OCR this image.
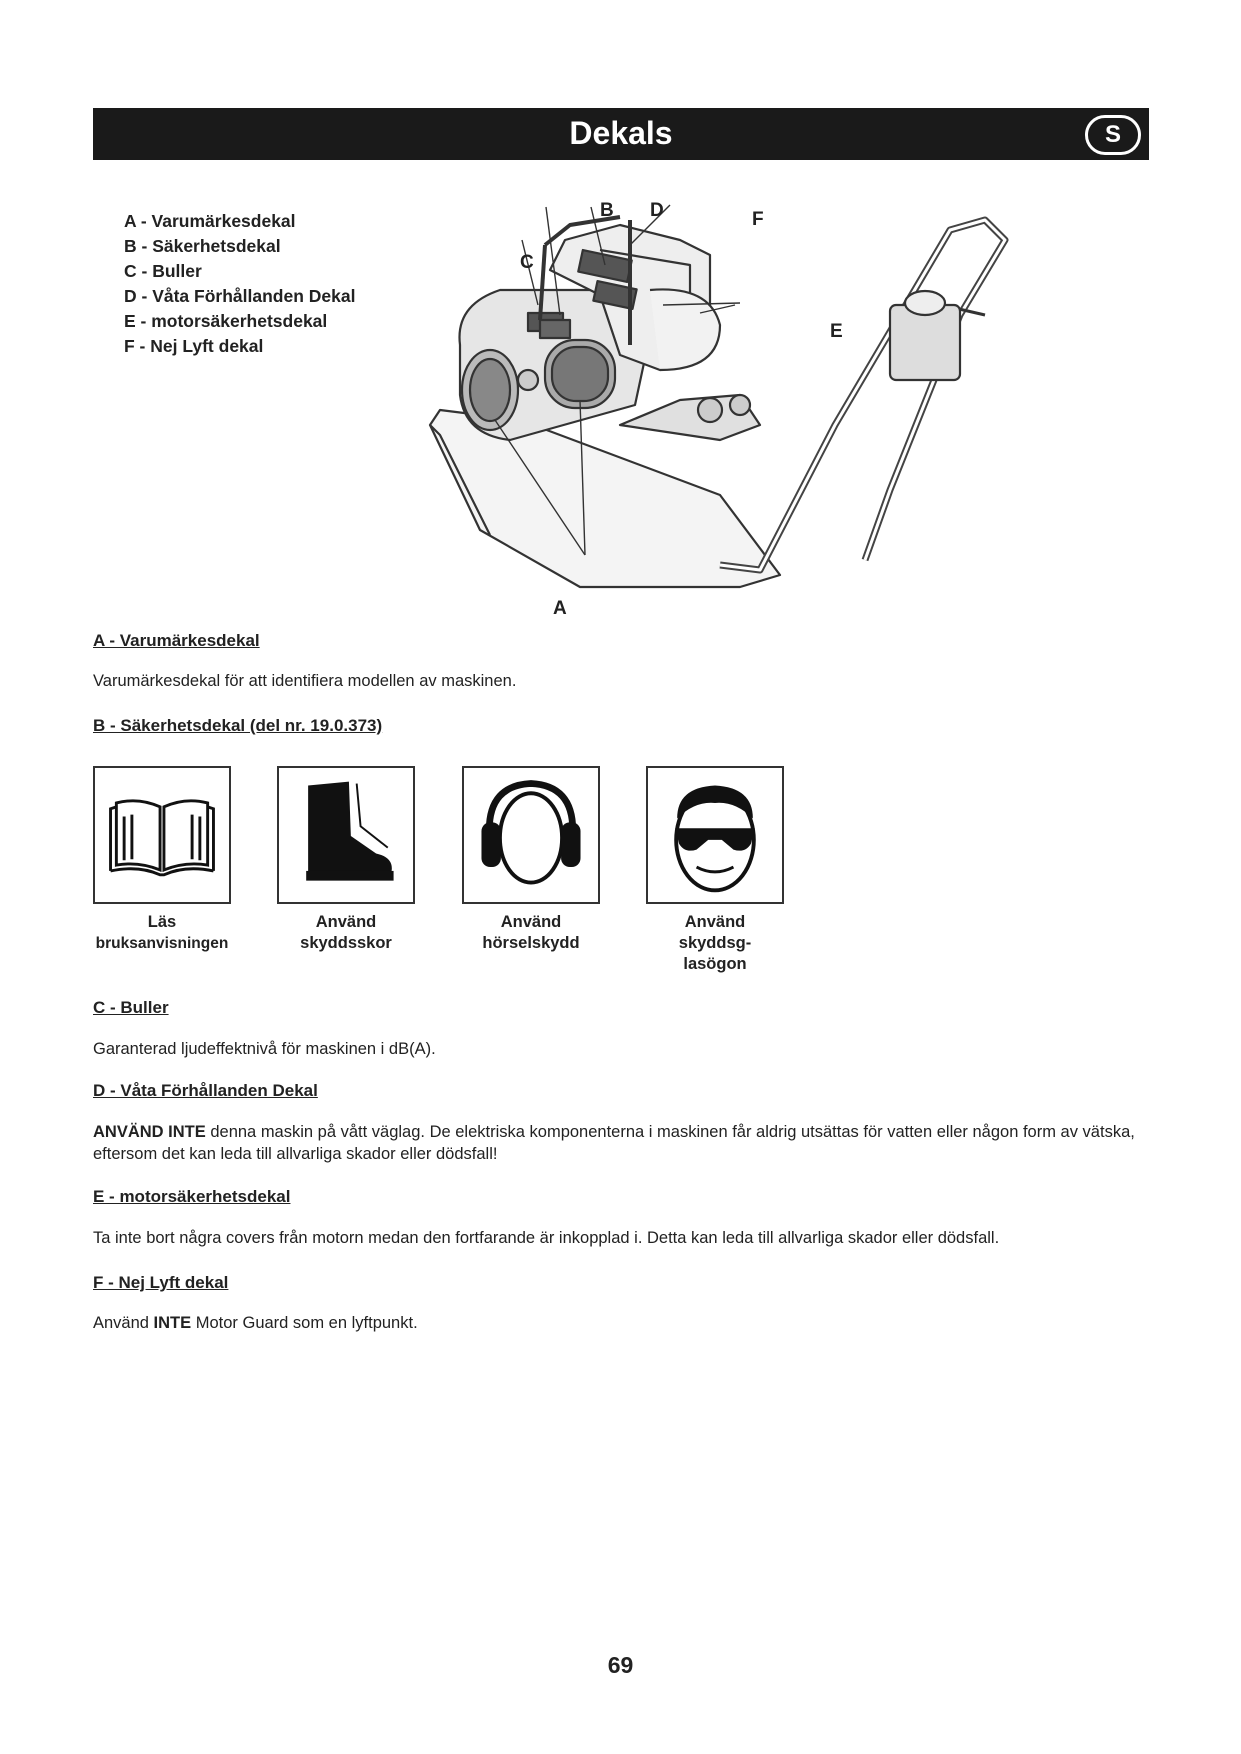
Dekals	S
A - Varumärkesdekal
B - Säkerhetsdekal
C - Buller
D - Våta Förhållanden Dekal
E - motorsäkerhetsdekal
F - Nej Lyft dekal
B D	F
C
E
A
A - Varumärkesdekal
Varumärkesdekal för att identifiera modellen av maskinen.
B - Säkerhetsdekal (del nr. 19.0.373)
Läs
bruksanvisningen
Använd
skyddsskor
Använd
hörselskydd
Använd
skyddsg-
lasögon
C - Buller
Garanterad ljudeffektnivå för maskinen i dB(A).
D - Våta Förhållanden Dekal
ANVÄND INTE denna maskin på vått väglag. De elektriska komponenterna i maskinen får aldrig utsättas för vatten eller någon form av vätska, eftersom det kan leda till allvarliga skador eller dödsfall!
E - motorsäkerhetsdekal
Ta inte bort några covers från motorn medan den fortfarande är inkopplad i. Detta kan leda till allvarliga skador eller dödsfall.
F - Nej Lyft dekal
Använd INTE Motor Guard som en lyftpunkt.
69
